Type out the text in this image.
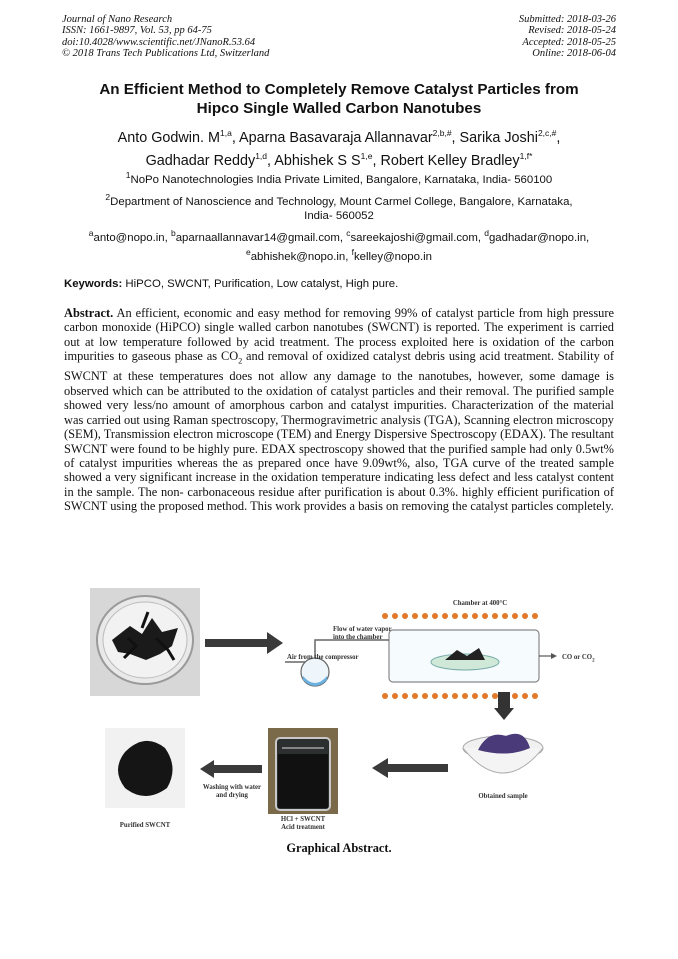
Journal of Nano Research
ISSN: 1661-9897, Vol. 53, pp 64-75
doi:10.4028/www.scientific.net/JNanoR.53.64
© 2018 Trans Tech Publications Ltd, Switzerland
Submitted: 2018-03-26
Revised: 2018-05-24
Accepted: 2018-05-25
Online: 2018-06-04
An Efficient Method to Completely Remove Catalyst Particles from
Hipco Single Walled Carbon Nanotubes
Anto Godwin. M$^{1,a}$, Aparna Basavaraja Allannavar$^{2,b,\#}$, Sarika Joshi$^{2,c,\#}$,
Gadhadar Reddy$^{1,d}$, Abhishek S S$^{1,e}$, Robert Kelley Bradley$^{1,f*}$
$^1$NoPo Nanotechnologies India Private Limited, Bangalore, Karnataka, India- 560100
$^2$Department of Nanoscience and Technology, Mount Carmel College, Bangalore, Karnataka,
India- 560052
$^a$anto@nopo.in, $^b$aparnaallannavar14@gmail.com, $^c$sareekajoshi@gmail.com, $^d$gadhadar@nopo.in,
$^e$abhishek@nopo.in, $^f$kelley@nopo.in
Keywords: HiPCO, SWCNT, Purification, Low catalyst, High pure.
Abstract. An efficient, economic and easy method for removing 99% of catalyst particle from high pressure carbon monoxide (HiPCO) single walled carbon nanotubes (SWCNT) is reported. The experiment is carried out at low temperature followed by acid treatment. The process exploited here is oxidation of the carbon impurities to gaseous phase as $CO_2$ and removal of oxidized catalyst debris using acid treatment. Stability of SWCNT at these temperatures does not allow any damage to the nanotubes, however, some damage is observed which can be attributed to the oxidation of catalyst particles and their removal. The purified sample showed very less/no amount of amorphous carbon and catalyst impurities. Characterization of the material was carried out using Raman spectroscopy, Thermogravimetric analysis (TGA), Scanning electron microscopy (SEM), Transmission electron microscope (TEM) and Energy Dispersive Spectroscopy (EDAX). The resultant SWCNT were found to be highly pure. EDAX spectroscopy showed that the purified sample had only 0.5wt% of catalyst impurities whereas the as prepared once have 9.09wt%, also, TGA curve of the treated sample showed a very significant increase in the oxidation temperature indicating less defect and less catalyst content in the sample. The non- carbonaceous residue after purification is about 0.3%. highly efficient purification of SWCNT using the proposed method. This work provides a basis on removing the catalyst particles completely.
Chamber at 400°C
Flow of water vapor
into the chamber
Air from the compressor	CO or $CO_2$
Obtained sample
HCl + SWCNT
Acid treatment
Washing with water
and drying
Purified SWCNT
Graphical Abstract.
